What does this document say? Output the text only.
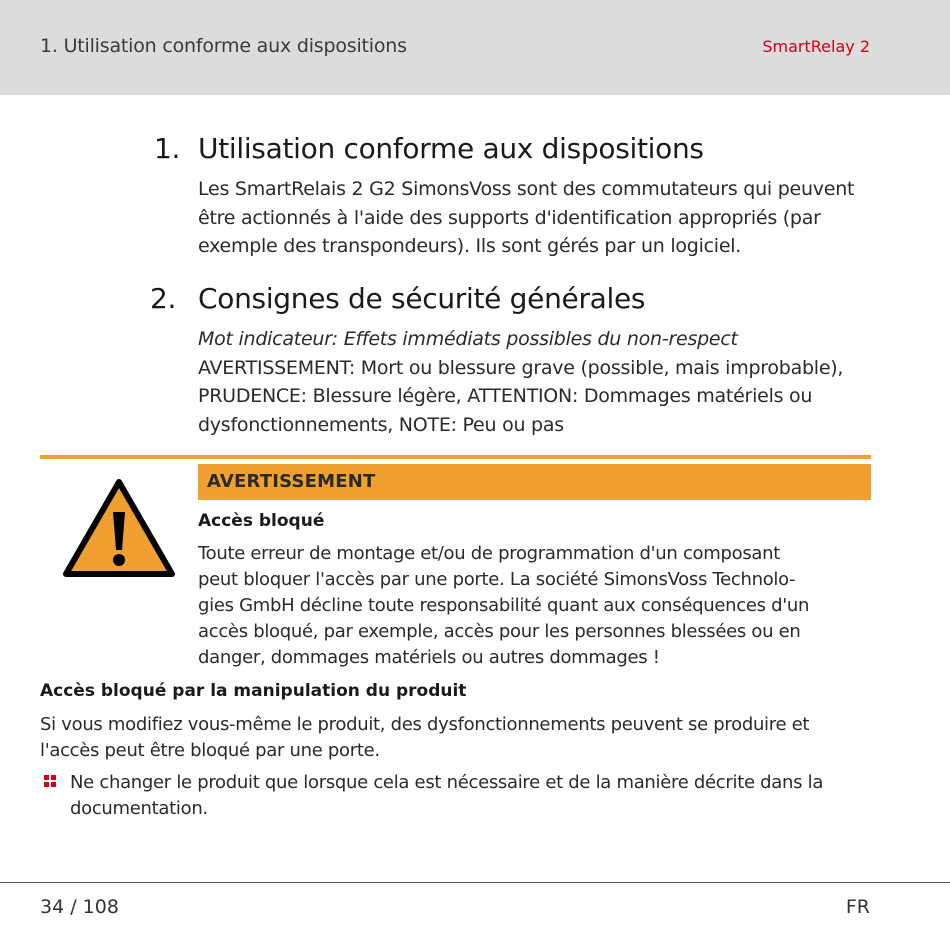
1. Utilisation conforme aux dispositions	SmartRelay 2
1. Utilisation conforme aux dispositions
Les SmartRelais 2 G2 SimonsVoss sont des commutateurs qui peuvent
être actionnés à l'aide des supports d'identification appropriés (par
exemple des transpondeurs). Ils sont gérés par un logiciel.
2. Consignes de sécurité générales
Mot indicateur: Effets immédiats possibles du non-respect
AVERTISSEMENT: Mort ou blessure grave (possible, mais improbable),
PRUDENCE: Blessure légère, ATTENTION: Dommages matériels ou
dysfonctionnements, NOTE: Peu ou pas
AVERTISSEMENT
Accès bloqué
Toute erreur de montage et/ou de programmation d'un composant
peut bloquer l'accès par une porte. La société SimonsVoss Technolo-
gies GmbH décline toute responsabilité quant aux conséquences d'un
accès bloqué, par exemple, accès pour les personnes blessées ou en
danger, dommages matériels ou autres dommages !
Accès bloqué par la manipulation du produit
Si vous modifiez vous-même le produit, des dysfonctionnements peuvent se produire et
l'accès peut être bloqué par une porte.
Ne changer le produit que lorsque cela est nécessaire et de la manière décrite dans la
documentation.
34 / 108	FR
